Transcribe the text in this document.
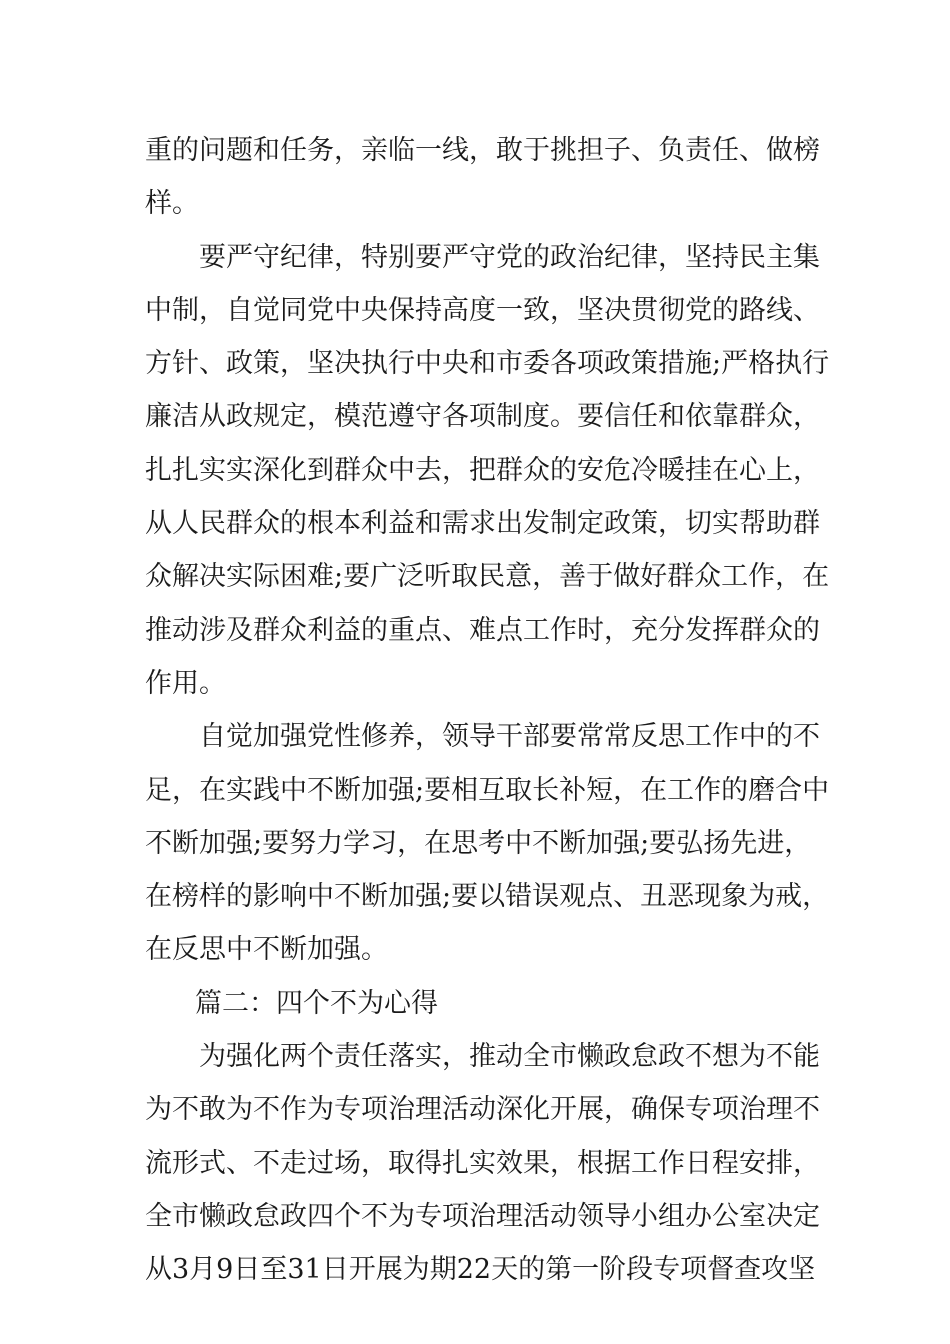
重的问题和任务，亲临一线，敢于挑担子、负责任、做榜
样。
要严守纪律，特别要严守党的政治纪律，坚持民主集
中制，自觉同党中央保持高度一致，坚决贯彻党的路线、
方针、政策，坚决执行中央和市委各项政策措施;严格执行
廉洁从政规定，模范遵守各项制度。要信任和依靠群众，
扎扎实实深化到群众中去，把群众的安危冷暖挂在心上，
从人民群众的根本利益和需求出发制定政策，切实帮助群
众解决实际困难;要广泛听取民意，善于做好群众工作，在
推动涉及群众利益的重点、难点工作时，充分发挥群众的
作用。
自觉加强党性修养，领导干部要常常反思工作中的不
足，在实践中不断加强;要相互取长补短，在工作的磨合中
不断加强;要努力学习，在思考中不断加强;要弘扬先进，
在榜样的影响中不断加强;要以错误观点、丑恶现象为戒，
在反思中不断加强。
篇二：四个不为心得
为强化两个责任落实，推动全市懒政怠政不想为不能
为不敢为不作为专项治理活动深化开展，确保专项治理不
流形式、不走过场，取得扎实效果，根据工作日程安排，
全市懒政怠政四个不为专项治理活动领导小组办公室决定
从3月9日至31日开展为期22天的第一阶段专项督查攻坚
